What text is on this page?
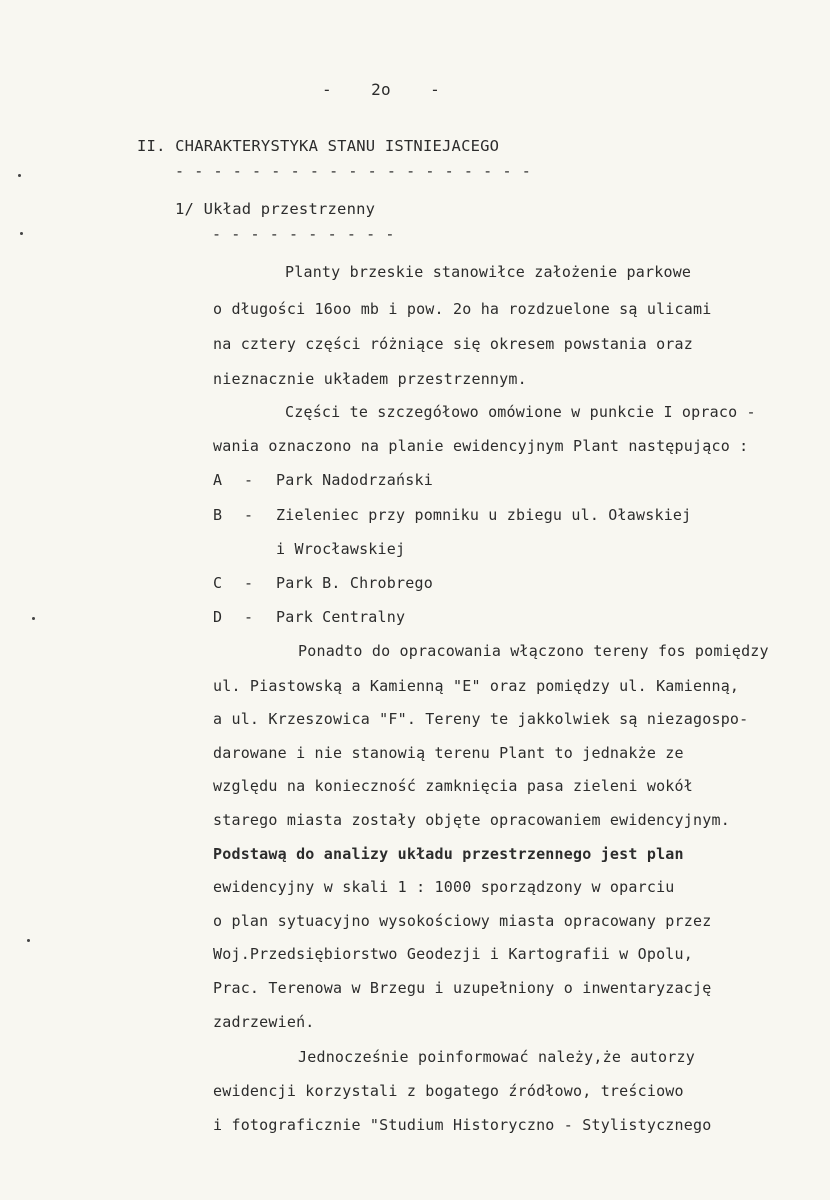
-    2o    -
II. CHARAKTERYSTYKA STANU ISTNIEJACEGO
- - - - - - - - - - - - - - - - - - -
1/ Układ przestrzenny
- - - - - - - - - -
Planty brzeskie stanowiłce założenie parkowe
o długości 16oo mb i pow. 2o ha rozdzuelone są ulicami
na cztery części różniące się okresem powstania oraz
nieznacznie układem przestrzennym.
Części te szczegółowo omówione w punkcie I opraco -
wania oznaczono na planie ewidencyjnym Plant następująco :
A - Park Nadodrzański
B - Zieleniec przy pomniku u zbiegu ul. Oławskiej
i Wrocławskiej
C - Park B. Chrobrego
D - Park Centralny
Ponadto do opracowania włączono tereny fos pomiędzy
ul. Piastowską a Kamienną "E" oraz pomiędzy ul. Kamienną,
a ul. Krzeszowica "F". Tereny te jakkolwiek są niezagospo-
darowane i nie stanowią terenu Plant to jednakże ze
względu na konieczność zamknięcia pasa zieleni wokół
starego miasta zostały objęte opracowaniem ewidencyjnym.
Podstawą do analizy układu przestrzennego jest plan
ewidencyjny w skali 1 : 1000 sporządzony w oparciu
o plan sytuacyjno wysokościowy miasta opracowany przez
Woj.Przedsiębiorstwo Geodezji i Kartografii w Opolu,
Prac. Terenowa w Brzegu i uzupełniony o inwentaryzację
zadrzewień.
Jednocześnie poinformować należy,że autorzy
ewidencji korzystali z bogatego źródłowo, treściowo
i fotograficznie "Studium Historyczno - Stylistycznego
